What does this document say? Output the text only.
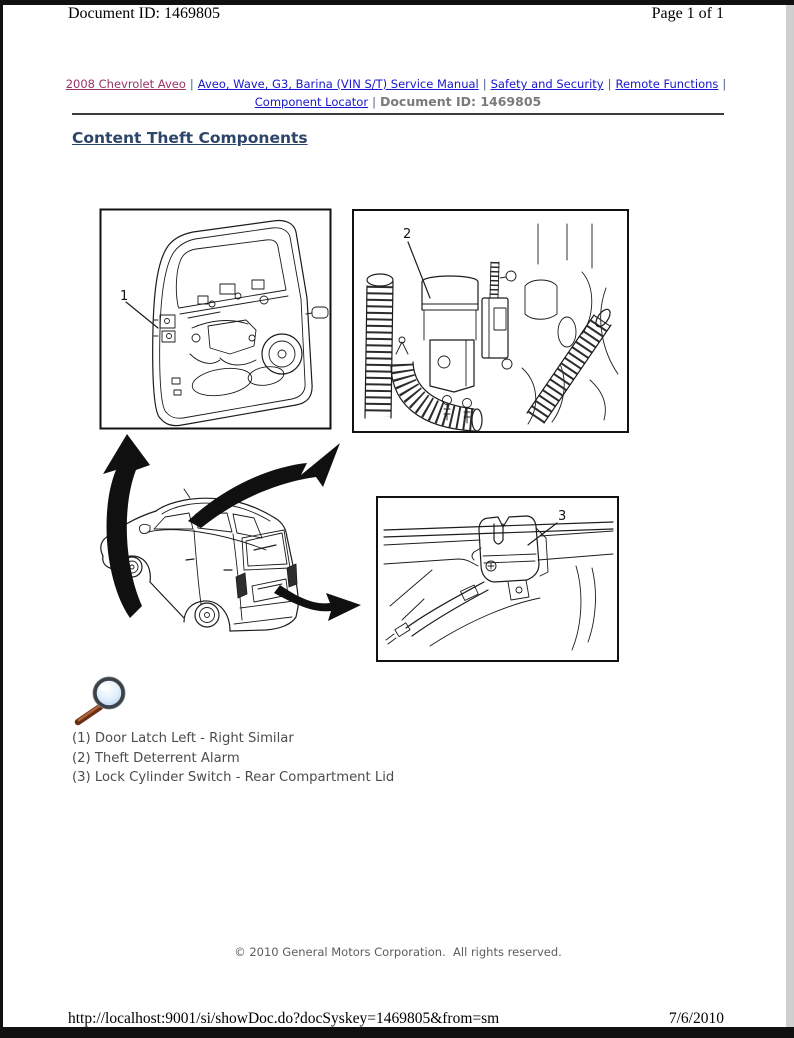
Document ID: 1469805	Page 1 of 1
2008 Chevrolet Aveo | Aveo, Wave, G3, Barina (VIN S/T) Service Manual | Safety and Security | Remote Functions |
Component Locator | Document ID: 1469805
Content Theft Components
1
2
3
(1) Door Latch Left - Right Similar
(2) Theft Deterrent Alarm
(3) Lock Cylinder Switch - Rear Compartment Lid
© 2010 General Motors Corporation.  All rights reserved.
http://localhost:9001/si/showDoc.do?docSyskey=1469805&from=sm	7/6/2010
